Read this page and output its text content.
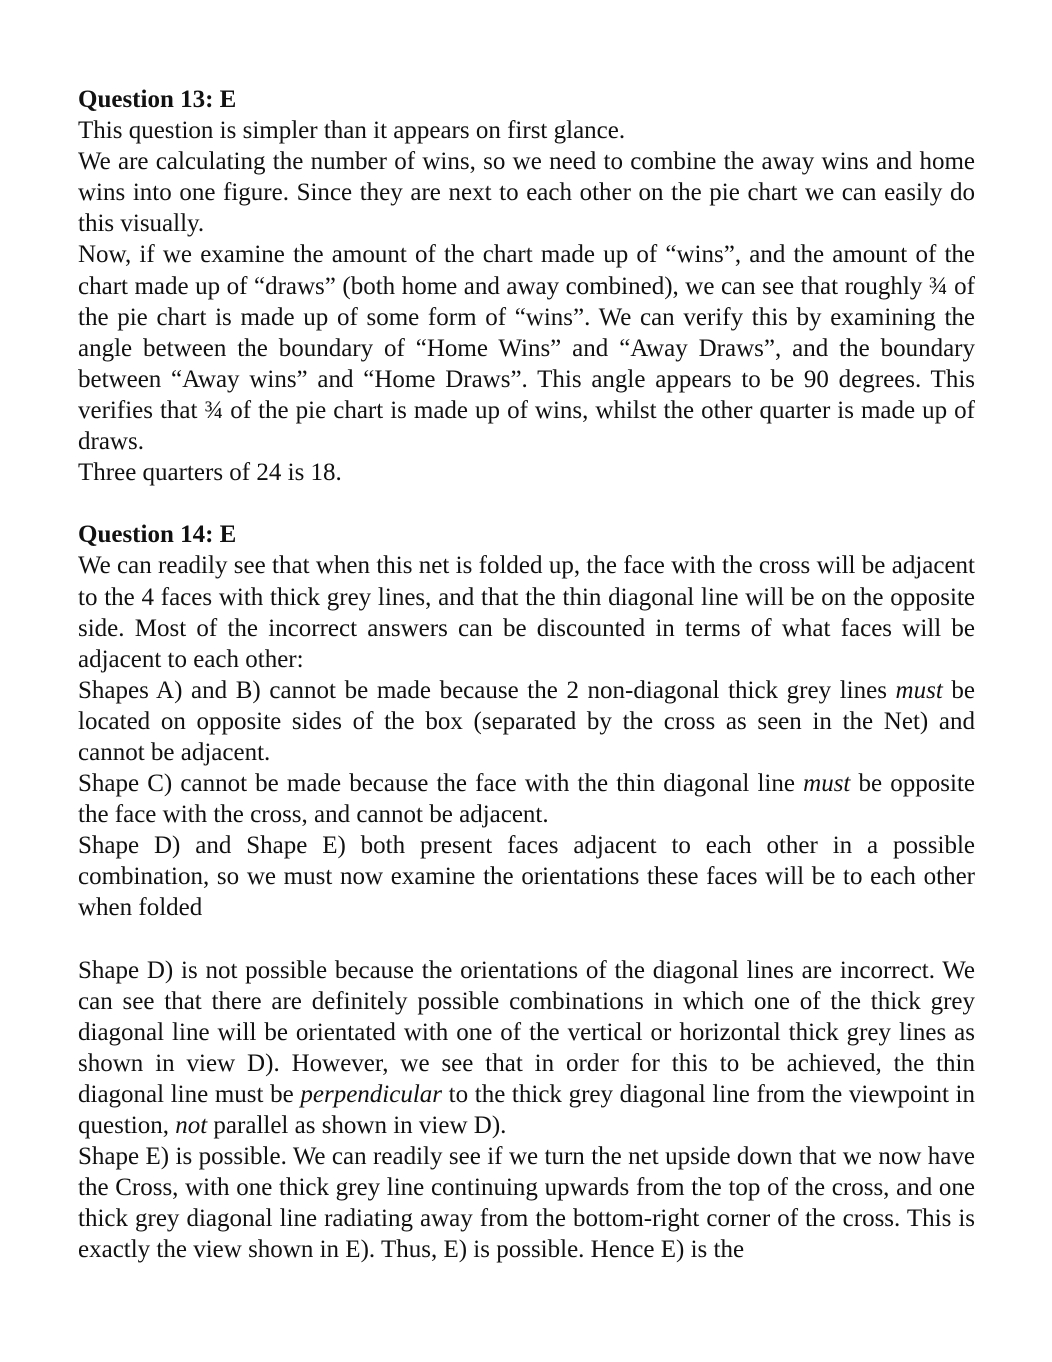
Question 13: E

This question is simpler than it appears on first glance.

We are calculating the number of wins, so we need to combine the away wins and home wins into one figure. Since they are next to each other on the pie chart we can easily do this visually.

Now, if we examine the amount of the chart made up of “wins”, and the amount of the chart made up of “draws” (both home and away combined), we can see that roughly ¾ of the pie chart is made up of some form of “wins”. We can verify this by examining the angle between the boundary of “Home Wins” and “Away Draws”, and the boundary between “Away wins” and “Home Draws”. This angle appears to be 90 degrees. This verifies that ¾ of the pie chart is made up of wins, whilst the other quarter is made up of draws.

Three quarters of 24 is 18.

Question 14: E

We can readily see that when this net is folded up, the face with the cross will be adjacent to the 4 faces with thick grey lines, and that the thin diagonal line will be on the opposite side. Most of the incorrect answers can be discounted in terms of what faces will be adjacent to each other:

Shapes A) and B) cannot be made because the 2 non-diagonal thick grey lines must be located on opposite sides of the box (separated by the cross as seen in the Net) and cannot be adjacent.

Shape C) cannot be made because the face with the thin diagonal line must be opposite the face with the cross, and cannot be adjacent.

Shape D) and Shape E) both present faces adjacent to each other in a possible combination, so we must now examine the orientations these faces will be to each other when folded

Shape D) is not possible because the orientations of the diagonal lines are incorrect. We can see that there are definitely possible combinations in which one of the thick grey diagonal line will be orientated with one of the vertical or horizontal thick grey lines as shown in view D). However, we see that in order for this to be achieved, the thin diagonal line must be perpendicular to the thick grey diagonal line from the viewpoint in question, not parallel as shown in view D).

Shape E) is possible. We can readily see if we turn the net upside down that we now have the Cross, with one thick grey line continuing upwards from the top of the cross, and one thick grey diagonal line radiating away from the bottom-right corner of the cross. This is exactly the view shown in E). Thus, E) is possible. Hence E) is the
